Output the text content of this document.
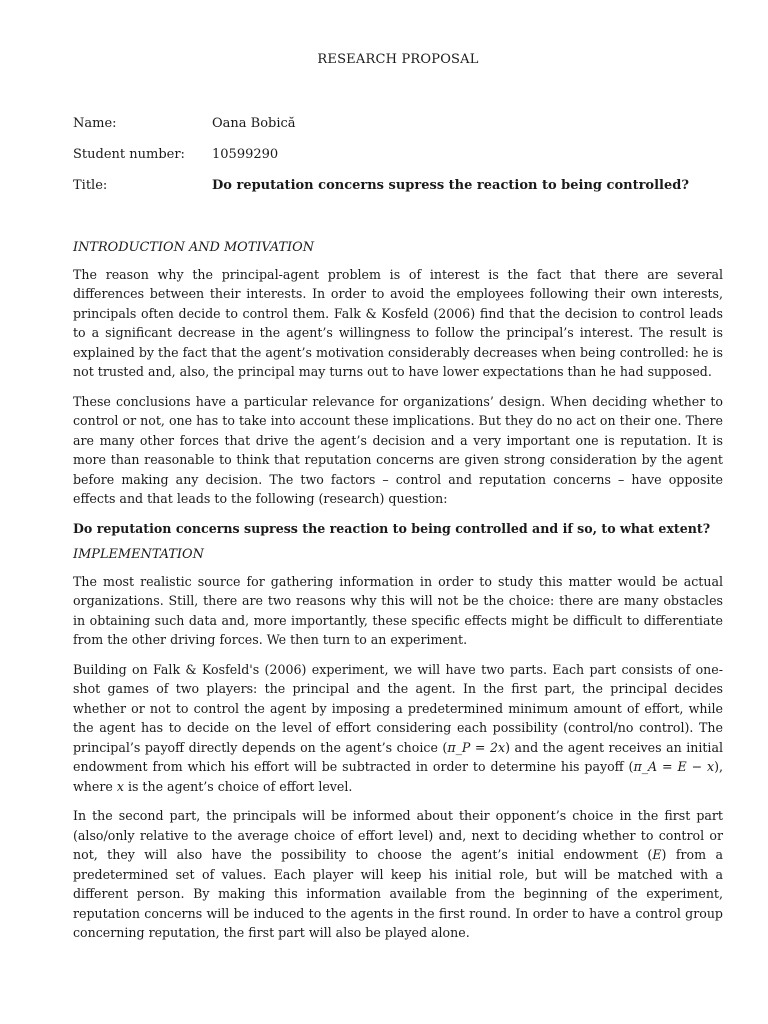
RESEARCH PROPOSAL
Name:	Oana Bobică
Student number:	10599290
Title:	Do reputation concerns supress the reaction to being controlled?
INTRODUCTION AND MOTIVATION

The reason why the principal-agent problem is of interest is the fact that there are several differences between their interests. In order to avoid the employees following their own interests, principals often decide to control them. Falk & Kosfeld (2006) find that the decision to control leads to a significant decrease in the agent’s willingness to follow the principal’s interest. The result is explained by the fact that the agent’s motivation considerably decreases when being controlled: he is not trusted and, also, the principal may turns out to have lower expectations than he had supposed.

These conclusions have a particular relevance for organizations’ design. When deciding whether to control or not, one has to take into account these implications. But they do no act on their one. There are many other forces that drive the agent’s decision and a very important one is reputation. It is more than reasonable to think that reputation concerns are given strong consideration by the agent before making any decision. The two factors – control and reputation concerns – have opposite effects and that leads to the following (research) question:

Do reputation concerns supress the reaction to being controlled and if so, to what extent?
IMPLEMENTATION

The most realistic source for gathering information in order to study this matter would be actual organizations. Still, there are two reasons why this will not be the choice: there are many obstacles in obtaining such data and, more importantly, these specific effects might be difficult to differentiate from the other driving forces. We then turn to an experiment.

Building on Falk & Kosfeld's (2006) experiment, we will have two parts. Each part consists of one-shot games of two players: the principal and the agent. In the first part, the principal decides whether or not to control the agent by imposing a predetermined minimum amount of effort, while the agent has to decide on the level of effort considering each possibility (control/no control). The principal’s payoff directly depends on the agent’s choice (π_P = 2x) and the agent receives an initial endowment from which his effort will be subtracted in order to determine his payoff (π_A = E − x), where x is the agent’s choice of effort level.

In the second part, the principals will be informed about their opponent’s choice in the first part (also/only relative to the average choice of effort level) and, next to deciding whether to control or not, they will also have the possibility to choose the agent’s initial endowment (E) from a predetermined set of values. Each player will keep his initial role, but will be matched with a different person. By making this information available from the beginning of the experiment, reputation concerns will be induced to the agents in the first round. In order to have a control group concerning reputation, the first part will also be played alone.
